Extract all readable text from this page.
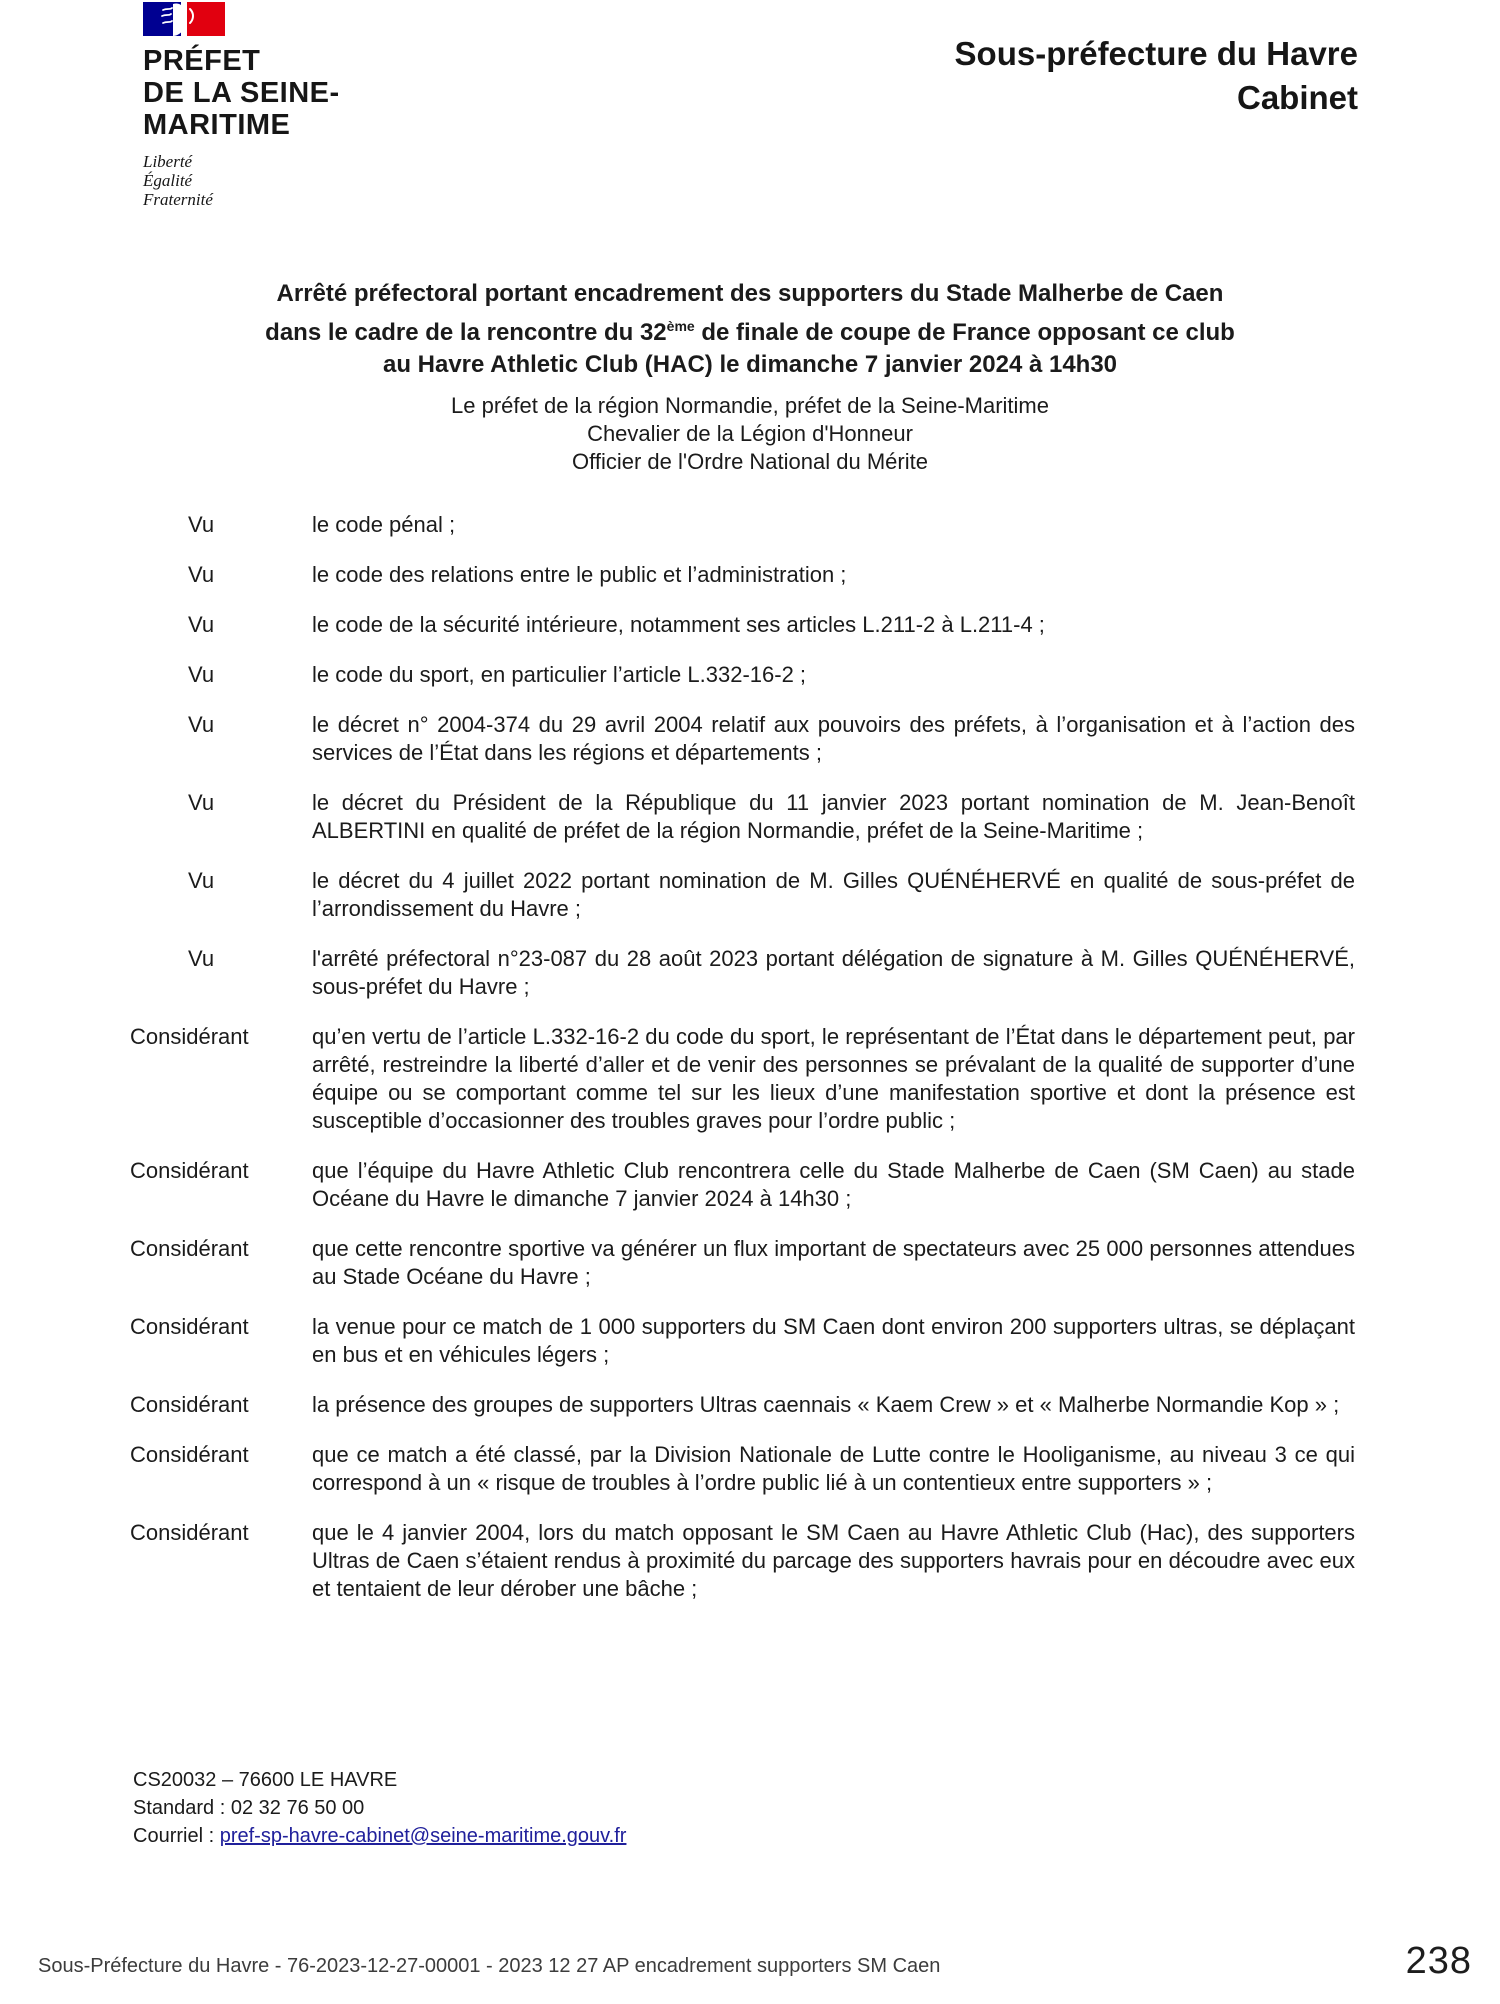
PRÉFET
DE LA SEINE-
MARITIME
Liberté
Égalité
Fraternité
Sous-préfecture du Havre
Cabinet
Arrêté préfectoral portant encadrement des supporters du Stade Malherbe de Caen
dans le cadre de la rencontre du 32ème de finale de coupe de France opposant ce club
au Havre Athletic Club (HAC) le dimanche 7 janvier 2024 à 14h30
Le préfet de la région Normandie, préfet de la Seine-Maritime
Chevalier de la Légion d'Honneur
Officier de l'Ordre National du Mérite
Vu	le code pénal ;
Vu	le code des relations entre le public et l’administration ;
Vu	le code de la sécurité intérieure, notamment ses articles L.211-2 à L.211-4 ;
Vu	le code du sport, en particulier l’article L.332-16-2 ;
Vu	le décret n° 2004-374 du 29 avril 2004 relatif aux pouvoirs des préfets, à l’organisation et à l’action des services de l’État dans les régions et départements ;
Vu	le décret du Président de la République du 11 janvier 2023 portant nomination de M. Jean-Benoît ALBERTINI en qualité de préfet de la région Normandie, préfet de la Seine-Maritime ;
Vu	le décret du 4 juillet 2022 portant nomination de M. Gilles QUÉNÉHERVÉ en qualité de sous-préfet de l’arrondissement du Havre ;
Vu	l'arrêté préfectoral n°23-087 du 28 août 2023 portant délégation de signature à M. Gilles QUÉNÉHERVÉ, sous-préfet du Havre ;
Considérant	qu’en vertu de l’article L.332-16-2 du code du sport, le représentant de l’État dans le département peut, par arrêté, restreindre la liberté d’aller et de venir des personnes se prévalant de la qualité de supporter d’une équipe ou se comportant comme tel sur les lieux d’une manifestation sportive et dont la présence est susceptible d’occasionner des troubles graves pour l’ordre public ;
Considérant	que l’équipe du Havre Athletic Club rencontrera celle du Stade Malherbe de Caen (SM Caen) au stade Océane du Havre le dimanche 7 janvier 2024 à 14h30 ;
Considérant	que cette rencontre sportive va générer un flux important de spectateurs avec 25 000 personnes attendues au Stade Océane du Havre ;
Considérant	la venue pour ce match de 1 000 supporters du SM Caen dont environ 200 supporters ultras, se déplaçant en bus et en véhicules légers ;
Considérant	la présence des groupes de supporters Ultras caennais « Kaem Crew » et « Malherbe Normandie Kop » ;
Considérant	que ce match a été classé, par la Division Nationale de Lutte contre le Hooliganisme, au niveau 3 ce qui correspond à un « risque de troubles à l’ordre public lié à un contentieux entre supporters » ;
Considérant	que le 4 janvier 2004, lors du match opposant le SM Caen au Havre Athletic Club (Hac), des supporters Ultras de Caen s’étaient rendus à proximité du parcage des supporters havrais pour en découdre avec eux et tentaient de leur dérober une bâche ;
CS20032 – 76600 LE HAVRE
Standard : 02 32 76 50 00
Courriel : pref-sp-havre-cabinet@seine-maritime.gouv.fr
Sous-Préfecture du Havre - 76-2023-12-27-00001 - 2023 12 27 AP encadrement supporters SM Caen	238
